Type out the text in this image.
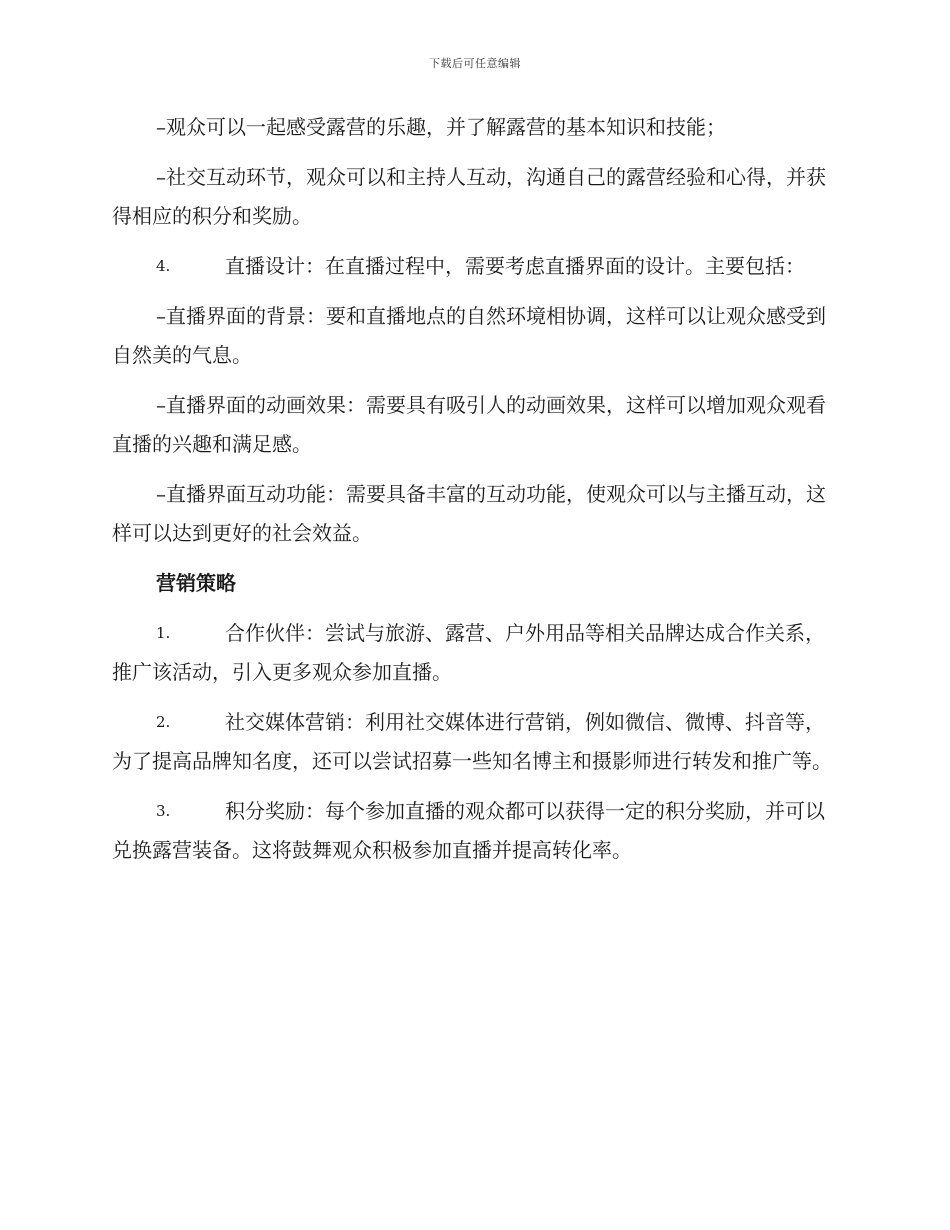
下载后可任意编辑

–观众可以一起感受露营的乐趣，并了解露营的基本知识和技能；

–社交互动环节，观众可以和主持人互动，沟通自己的露营经验和心得，并获得相应的积分和奖励。

4.	直播设计：在直播过程中，需要考虑直播界面的设计。主要包括：

–直播界面的背景：要和直播地点的自然环境相协调，这样可以让观众感受到自然美的气息。

–直播界面的动画效果：需要具有吸引人的动画效果，这样可以增加观众观看直播的兴趣和满足感。

–直播界面互动功能：需要具备丰富的互动功能，使观众可以与主播互动，这样可以达到更好的社会效益。

营销策略

1.	合作伙伴：尝试与旅游、露营、户外用品等相关品牌达成合作关系，推广该活动，引入更多观众参加直播。

2.	社交媒体营销：利用社交媒体进行营销，例如微信、微博、抖音等，为了提高品牌知名度，还可以尝试招募一些知名博主和摄影师进行转发和推广等。

3.	积分奖励：每个参加直播的观众都可以获得一定的积分奖励，并可以兑换露营装备。这将鼓舞观众积极参加直播并提高转化率。
